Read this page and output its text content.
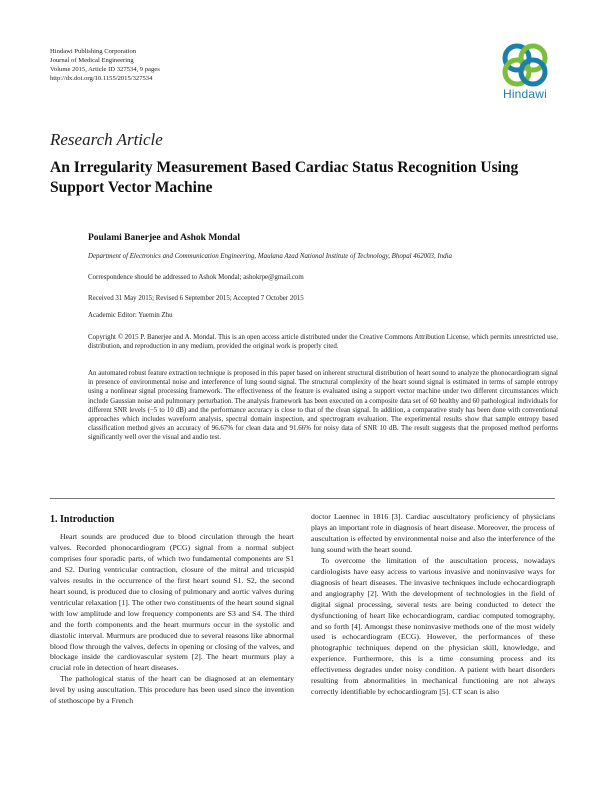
Hindawi Publishing Corporation
Journal of Medical Engineering
Volume 2015, Article ID 327534, 9 pages
http://dx.doi.org/10.1155/2015/327534
Hindawi
Research Article
An Irregularity Measurement Based Cardiac Status Recognition Using Support Vector Machine
Poulami Banerjee and Ashok Mondal
Department of Electronics and Communication Engineering, Maulana Azad National Institute of Technology, Bhopal 462003, India
Correspondence should be addressed to Ashok Mondal; ashokrpe@gmail.com
Received 31 May 2015; Revised 6 September 2015; Accepted 7 October 2015
Academic Editor: Yuemin Zhu
Copyright © 2015 P. Banerjee and A. Mondal. This is an open access article distributed under the Creative Commons Attribution License, which permits unrestricted use, distribution, and reproduction in any medium, provided the original work is properly cited.
An automated robust feature extraction technique is proposed in this paper based on inherent structural distribution of heart sound to analyze the phonocardiogram signal in presence of environmental noise and interference of lung sound signal. The structural complexity of the heart sound signal is estimated in terms of sample entropy using a nonlinear signal processing framework. The effectiveness of the feature is evaluated using a support vector machine under two different circumstances which include Gaussian noise and pulmonary perturbation. The analysis framework has been executed on a composite data set of 60 healthy and 60 pathological individuals for different SNR levels (−5 to 10 dB) and the performance accuracy is close to that of the clean signal. In addition, a comparative study has been done with conventional approaches which includes waveform analysis, spectral domain inspection, and spectrogram evaluation. The experimental results show that sample entropy based classification method gives an accuracy of 96.67% for clean data and 91.66% for noisy data of SNR 10 dB. The result suggests that the proposed method performs significantly well over the visual and audio test.
1. Introduction

Heart sounds are produced due to blood circulation through the heart valves. Recorded phonocardiogram (PCG) signal from a normal subject comprises four sporadic parts, of which two fundamental components are S1 and S2. During ventricular contraction, closure of the mitral and tricuspid valves results in the occurrence of the first heart sound S1. S2, the second heart sound, is produced due to closing of pulmonary and aortic valves during ventricular relaxation [1]. The other two constituents of the heart sound signal with low amplitude and low frequency components are S3 and S4. The third and the forth components and the heart murmurs occur in the systolic and diastolic interval. Murmurs are produced due to several reasons like abnormal blood flow through the valves, defects in opening or closing of the valves, and blockage inside the cardiovascular system [2]. The heart murmurs play a crucial role in detection of heart diseases.

The pathological status of the heart can be diagnosed at an elementary level by using auscultation. This procedure has been used since the invention of stethoscope by a French

doctor Laennec in 1816 [3]. Cardiac auscultatory proficiency of physicians plays an important role in diagnosis of heart disease. Moreover, the process of auscultation is effected by environmental noise and also the interference of the lung sound with the heart sound.

To overcome the limitation of the auscultation process, nowadays cardiologists have easy access to various invasive and noninvasive ways for diagnosis of heart diseases. The invasive techniques include echocardiograph and angiography [2]. With the development of technologies in the field of digital signal processing, several tests are being conducted to detect the dysfunctioning of heart like echocardiogram, cardiac computed tomography, and so forth [4]. Amongst these noninvasive methods one of the most widely used is echocardiogram (ECG). However, the performances of these photographic techniques depend on the physician skill, knowledge, and experience. Furthermore, this is a time consuming process and its effectiveness degrades under noisy condition. A patient with heart disorders resulting from abnormalities in mechanical functioning are not always correctly identifiable by echocardiogram [5]. CT scan is also
